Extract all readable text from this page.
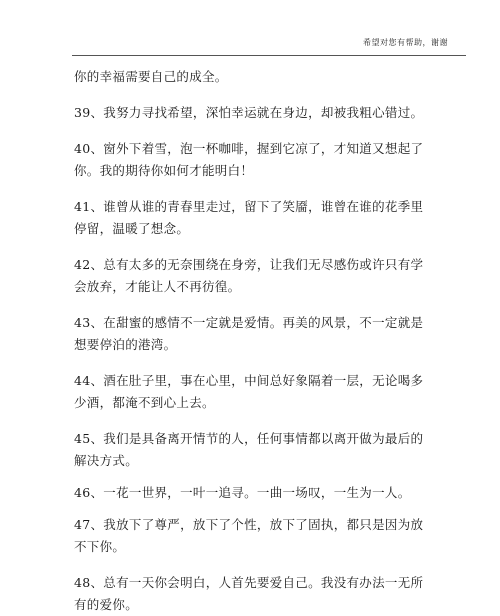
希望对您有帮助，谢谢

你的幸福需要自己的成全。

39、我努力寻找希望，深怕幸运就在身边，却被我粗心错过。

40、窗外下着雪，泡一杯咖啡，握到它凉了，才知道又想起了
你。我的期待你如何才能明白！

41、谁曾从谁的青春里走过，留下了笑靥，谁曾在谁的花季里
停留，温暖了想念。

42、总有太多的无奈围绕在身旁，让我们无尽感伤或许只有学
会放弃，才能让人不再彷徨。

43、在甜蜜的感情不一定就是爱情。再美的风景，不一定就是
想要停泊的港湾。

44、酒在肚子里，事在心里，中间总好象隔着一层，无论喝多
少酒，都淹不到心上去。

45、我们是具备离开情节的人，任何事情都以离开做为最后的
解决方式。

46、一花一世界，一叶一追寻。一曲一场叹，一生为一人。

47、我放下了尊严，放下了个性，放下了固执，都只是因为放
不下你。

48、总有一天你会明白，人首先要爱自己。我没有办法一无所
有的爱你。
